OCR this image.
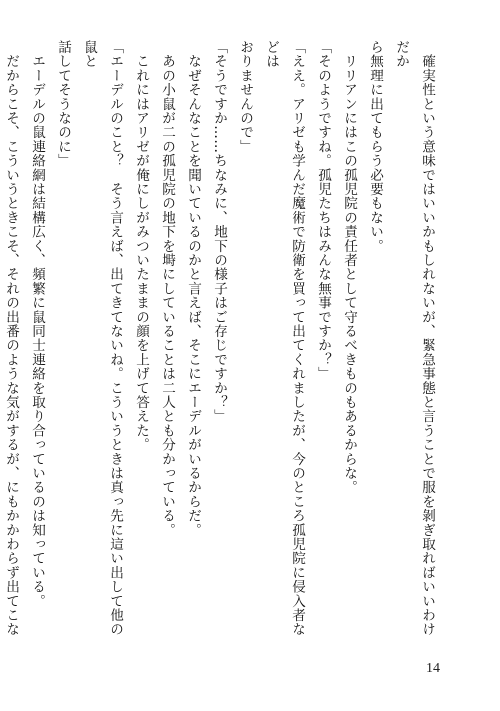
　確実性という意味ではいいかもしれないが、緊急事態と言うことで服を剝ぎ取ればいいわけだか

ら無理に出てもらう必要もない。

　リリアンにはこの孤児院の責任者として守るべきものもあるからな。

「そのようですね。孤児たちはみんな無事ですか？」

「ええ。アリゼも学んだ魔術で防衛を買って出てくれましたが、今のところ孤児院に侵入者などは

おりませんので」

「そうですか……ちなみに、地下の様子はご存じですか？」

　なぜそんなことを聞いているのかと言えば、そこにエーデルがいるからだ。

　あの小鼠が二の孤児院の地下を塒にしていることは二人とも分かっている。

　これにはアリゼが俺にしがみついたままの顔を上げて答えた。

「エーデルのこと？　そう言えば、出てきてないね。こういうときは真っ先に這い出して他の鼠と

話してそうなのに」

　エーデルの鼠連絡網は結構広く、頻繁に鼠同士連絡を取り合っているのは知っている。

　だからこそ、こういうときこそ、それの出番のような気がするが、にもかかわらず出てこな

14
